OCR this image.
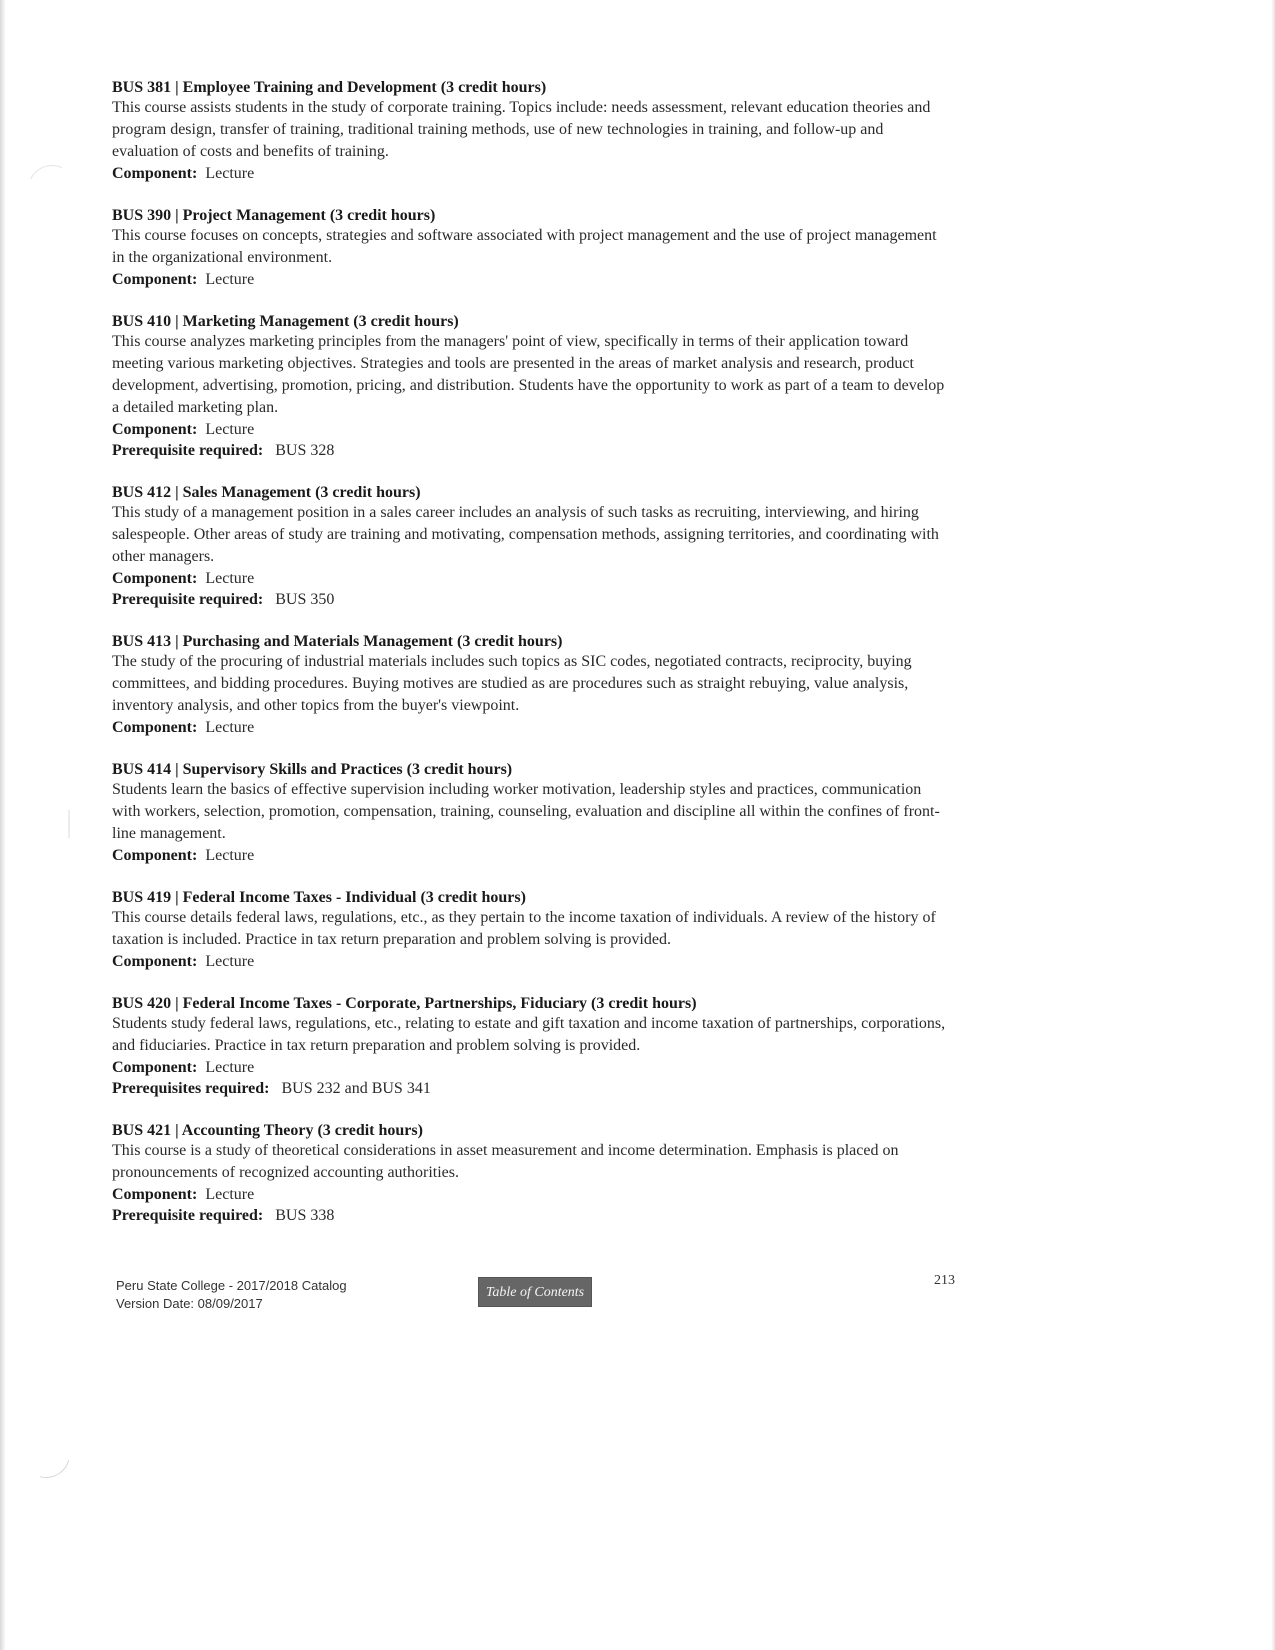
BUS 381 | Employee Training and Development (3 credit hours)
This course assists students in the study of corporate training. Topics include: needs assessment, relevant education theories and program design, transfer of training, traditional training methods, use of new technologies in training, and follow-up and evaluation of costs and benefits of training.
Component: Lecture
BUS 390 | Project Management (3 credit hours)
This course focuses on concepts, strategies and software associated with project management and the use of project management in the organizational environment.
Component: Lecture
BUS 410 | Marketing Management (3 credit hours)
This course analyzes marketing principles from the managers' point of view, specifically in terms of their application toward meeting various marketing objectives. Strategies and tools are presented in the areas of market analysis and research, product development, advertising, promotion, pricing, and distribution. Students have the opportunity to work as part of a team to develop a detailed marketing plan.
Component: Lecture
Prerequisite required: BUS 328
BUS 412 | Sales Management (3 credit hours)
This study of a management position in a sales career includes an analysis of such tasks as recruiting, interviewing, and hiring salespeople. Other areas of study are training and motivating, compensation methods, assigning territories, and coordinating with other managers.
Component: Lecture
Prerequisite required: BUS 350
BUS 413 | Purchasing and Materials Management (3 credit hours)
The study of the procuring of industrial materials includes such topics as SIC codes, negotiated contracts, reciprocity, buying committees, and bidding procedures. Buying motives are studied as are procedures such as straight rebuying, value analysis, inventory analysis, and other topics from the buyer's viewpoint.
Component: Lecture
BUS 414 | Supervisory Skills and Practices (3 credit hours)
Students learn the basics of effective supervision including worker motivation, leadership styles and practices, communication with workers, selection, promotion, compensation, training, counseling, evaluation and discipline all within the confines of front-line management.
Component: Lecture
BUS 419 | Federal Income Taxes - Individual (3 credit hours)
This course details federal laws, regulations, etc., as they pertain to the income taxation of individuals. A review of the history of taxation is included. Practice in tax return preparation and problem solving is provided.
Component: Lecture
BUS 420 | Federal Income Taxes - Corporate, Partnerships, Fiduciary (3 credit hours)
Students study federal laws, regulations, etc., relating to estate and gift taxation and income taxation of partnerships, corporations, and fiduciaries. Practice in tax return preparation and problem solving is provided.
Component: Lecture
Prerequisites required: BUS 232 and BUS 341
BUS 421 | Accounting Theory (3 credit hours)
This course is a study of theoretical considerations in asset measurement and income determination. Emphasis is placed on pronouncements of recognized accounting authorities.
Component: Lecture
Prerequisite required: BUS 338
Peru State College - 2017/2018 Catalog
Version Date: 08/09/2017
Table of Contents
213
